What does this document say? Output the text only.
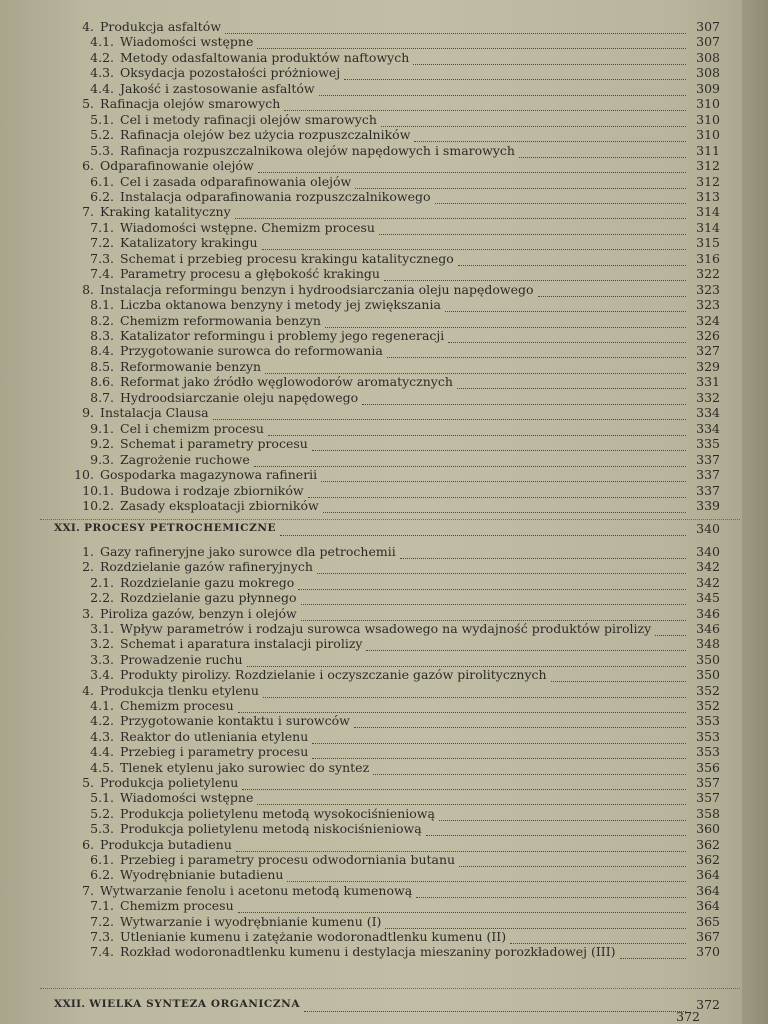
4. Produkcja asfaltów	307
4.1. Wiadomości wstępne	307
4.2. Metody odasfaltowania produktów naftowych	308
4.3. Oksydacja pozostałości próżniowej	308
4.4. Jakość i zastosowanie asfaltów	309
5. Rafinacja olejów smarowych	310
5.1. Cel i metody rafinacji olejów smarowych	310
5.2. Rafinacja olejów bez użycia rozpuszczalników	310
5.3. Rafinacja rozpuszczalnikowa olejów napędowych i smarowych	311
6. Odparafinowanie olejów	312
6.1. Cel i zasada odparafinowania olejów	312
6.2. Instalacja odparafinowania rozpuszczalnikowego	313
7. Kraking katalityczny	314
7.1. Wiadomości wstępne. Chemizm procesu	314
7.2. Katalizatory krakingu	315
7.3. Schemat i przebieg procesu krakingu katalitycznego	316
7.4. Parametry procesu a głębokość krakingu	322
8. Instalacja reformingu benzyn i hydroodsiarczania oleju napędowego	323
8.1. Liczba oktanowa benzyny i metody jej zwiększania	323
8.2. Chemizm reformowania benzyn	324
8.3. Katalizator reformingu i problemy jego regeneracji	326
8.4. Przygotowanie surowca do reformowania	327
8.5. Reformowanie benzyn	329
8.6. Reformat jako źródło węglowodorów aromatycznych	331
8.7. Hydroodsiarczanie oleju napędowego	332
9. Instalacja Clausa	334
9.1. Cel i chemizm procesu	334
9.2. Schemat i parametry procesu	335
9.3. Zagrożenie ruchowe	337
10. Gospodarka magazynowa rafinerii	337
10.1. Budowa i rodzaje zbiorników	337
10.2. Zasady eksploatacji zbiorników	339
XXI. PROCESY PETROCHEMICZNE	340
1. Gazy rafineryjne jako surowce dla petrochemii	340
2. Rozdzielanie gazów rafineryjnych	342
2.1. Rozdzielanie gazu mokrego	342
2.2. Rozdzielanie gazu płynnego	345
3. Piroliza gazów, benzyn i olejów	346
3.1. Wpływ parametrów i rodzaju surowca wsadowego na wydajność produktów pirolizy	346
3.2. Schemat i aparatura instalacji pirolizy	348
3.3. Prowadzenie ruchu	350
3.4. Produkty pirolizy. Rozdzielanie i oczyszczanie gazów pirolitycznych	350
4. Produkcja tlenku etylenu	352
4.1. Chemizm procesu	352
4.2. Przygotowanie kontaktu i surowców	353
4.3. Reaktor do utleniania etylenu	353
4.4. Przebieg i parametry procesu	353
4.5. Tlenek etylenu jako surowiec do syntez	356
5. Produkcja polietylenu	357
5.1. Wiadomości wstępne	357
5.2. Produkcja polietylenu metodą wysokociśnieniową	358
5.3. Produkcja polietylenu metodą niskociśnieniową	360
6. Produkcja butadienu	362
6.1. Przebieg i parametry procesu odwodorniania butanu	362
6.2. Wyodrębnianie butadienu	364
7. Wytwarzanie fenolu i acetonu metodą kumenową	364
7.1. Chemizm procesu	364
7.2. Wytwarzanie i wyodrębnianie kumenu (I)	365
7.3. Utlenianie kumenu i zatężanie wodoronadtlenku kumenu (II)	367
7.4. Rozkład wodoronadtlenku kumenu i destylacja mieszaniny porozkładowej (III)	370
XXII. WIELKA SYNTEZA ORGANICZNA	372
372
